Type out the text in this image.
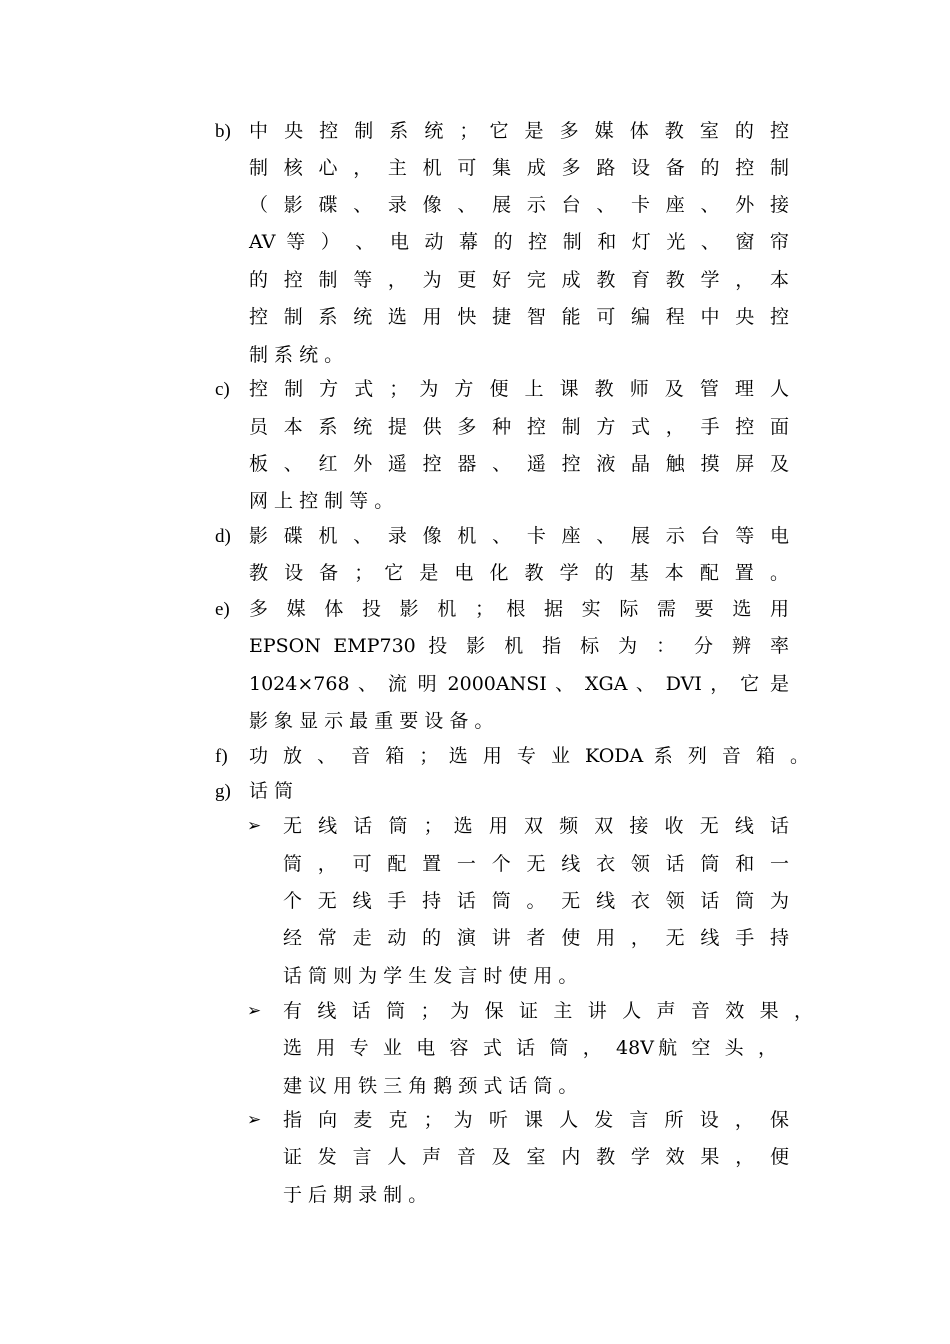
b) 中 央 控 制 系 统 ； 它 是 多 媒 体 教 室 的 控
制 核 心 ， 主 机 可 集 成 多 路 设 备 的 控 制
（ 影 碟 、 录 像 、 展 示 台 、 卡 座 、 外 接
AV 等 ） 、 电 动 幕 的 控 制 和 灯 光 、 窗 帘
的 控 制 等 ， 为 更 好 完 成 教 育 教 学 ， 本
控 制 系 统 选 用 快 捷 智 能 可 编 程 中 央 控
制 系 统 。
c)	控 制 方 式 ； 为 方 便 上 课 教 师 及 管 理 人
员 本 系 统 提 供 多 种 控 制 方 式 ， 手 控 面
板 、 红 外 遥 控 器 、 遥 控 液 晶 触 摸 屏 及
网 上 控 制 等 。
d) 影 碟 机 、 录 像 机 、 卡 座 、 展 示 台 等 电
教 设 备 ； 它 是 电 化 教 学 的 基 本 配 置 。
e)	多 媒 体 投 影 机 ； 根 据 实 际 需 要 选 用
EPSON EMP730 投 影 机 指 标 为 ： 分 辨 率
1024×768 、 流 明 2000ANSI 、 XGA 、 DVI ， 它 是
影 象 显 示 最 重 要 设 备 。
f)	功 放 、 音 箱 ； 选 用 专 业 KODA 系 列 音 箱 。
g) 话 筒
➢	无 线 话 筒 ； 选 用 双 频 双 接 收 无 线 话
筒 ， 可 配 置 一 个 无 线 衣 领 话 筒 和 一
个 无 线 手 持 话 筒 。 无 线 衣 领 话 筒 为
经 常 走 动 的 演 讲 者 使 用 ， 无 线 手 持
话 筒 则 为 学 生 发 言 时 使 用 。
➢	有 线 话 筒 ； 为 保 证 主 讲 人 声 音 效 果 ，
选 用 专 业 电 容 式 话 筒 ， 48V航 空 头 ，
建 议 用 铁 三 角 鹅 颈 式 话 筒 。
➢	指 向 麦 克 ； 为 听 课 人 发 言 所 设 ， 保
证 发 言 人 声 音 及 室 内 教 学 效 果 ， 便
于 后 期 录 制 。
